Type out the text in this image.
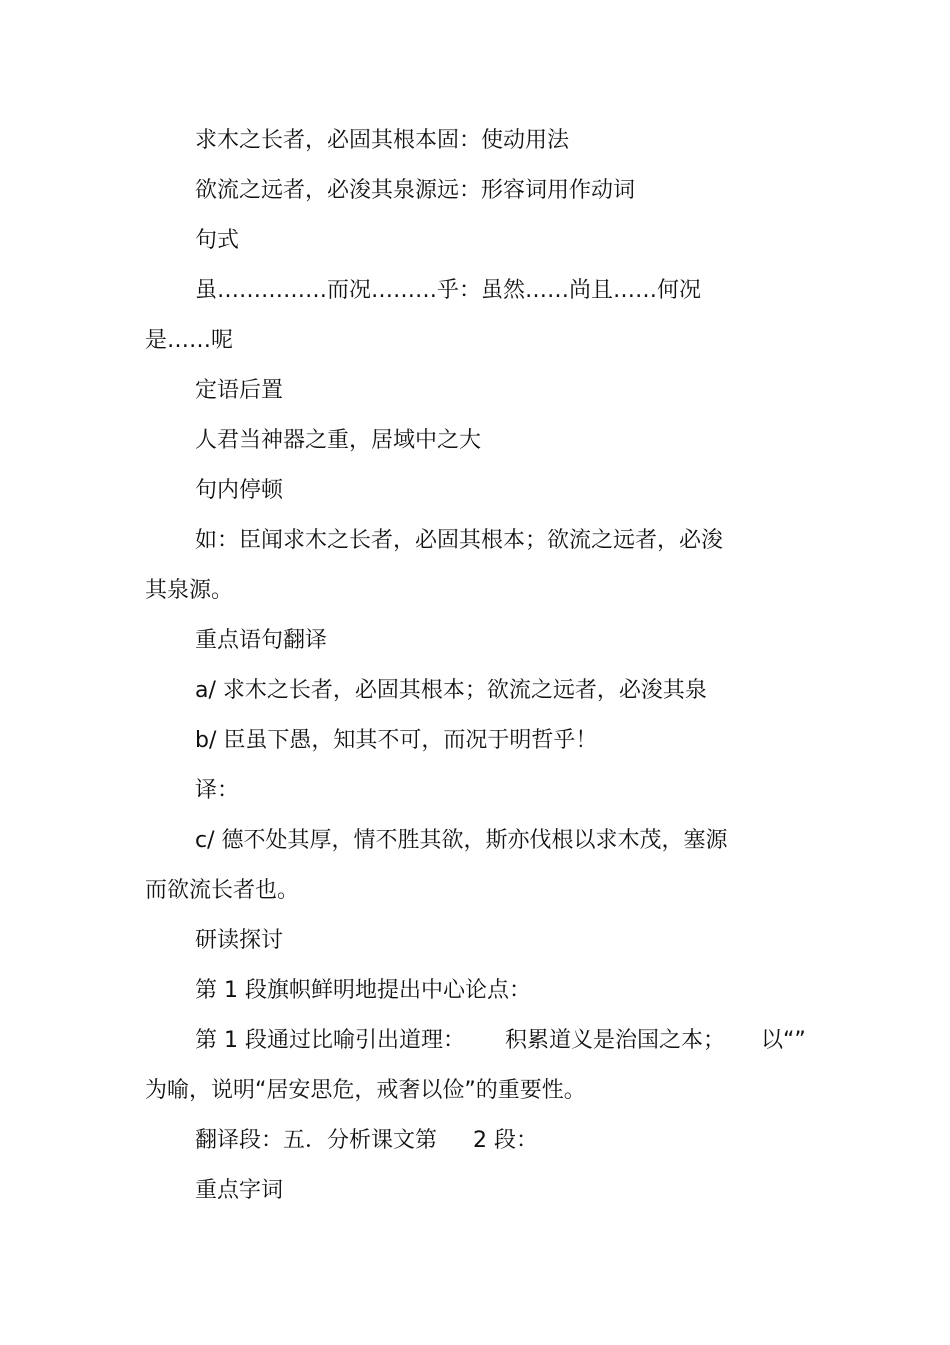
求木之长者，必固其根本固：使动用法
欲流之远者，必浚其泉源远：形容词用作动词
句式
虽……………而况………乎：虽然……尚且……何况
是……呢
定语后置
人君当神器之重，居域中之大
句内停顿
如：臣闻求木之长者，必固其根本；欲流之远者，必浚
其泉源。
重点语句翻译
a/ 求木之长者，必固其根本；欲流之远者，必浚其泉
b/ 臣虽下愚，知其不可，而况于明哲乎！
译：
c/ 德不处其厚，情不胜其欲，斯亦伐根以求木茂，塞源
而欲流长者也。
研读探讨
第 1 段旗帜鲜明地提出中心论点：
第 1 段通过比喻引出道理： 积累道义是治国之本； 以“”
为喻，说明“居安思危，戒奢以俭”的重要性。
翻译段：五．分析课文第 2 段：
重点字词
